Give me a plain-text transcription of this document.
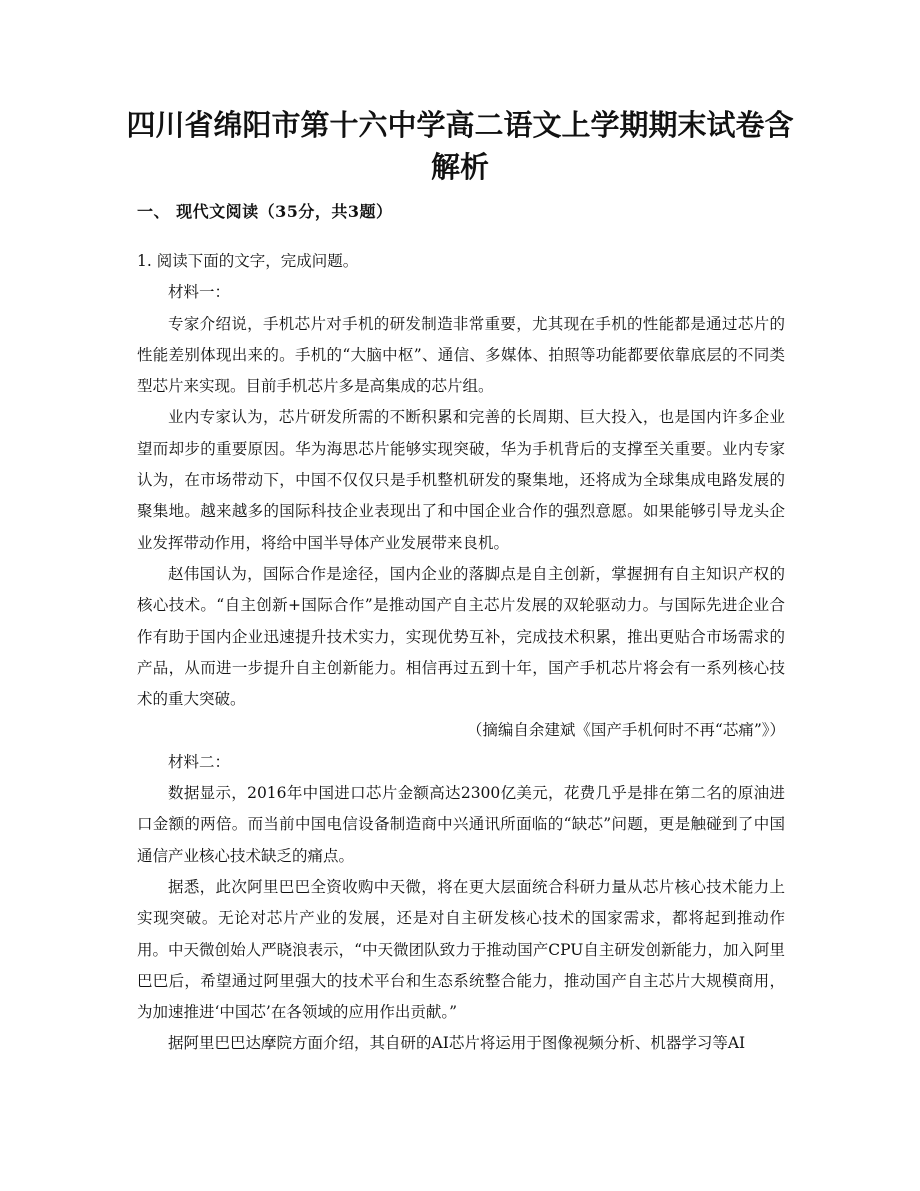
四川省绵阳市第十六中学高二语文上学期期末试卷含解析
一、 现代文阅读（35分，共3题）

1. 阅读下面的文字，完成问题。

材料一：

专家介绍说，手机芯片对手机的研发制造非常重要，尤其现在手机的性能都是通过芯片的性能差别体现出来的。手机的“大脑中枢”、通信、多媒体、拍照等功能都要依靠底层的不同类型芯片来实现。目前手机芯片多是高集成的芯片组。

业内专家认为，芯片研发所需的不断积累和完善的长周期、巨大投入，也是国内许多企业望而却步的重要原因。华为海思芯片能够实现突破，华为手机背后的支撑至关重要。业内专家认为，在市场带动下，中国不仅仅只是手机整机研发的聚集地，还将成为全球集成电路发展的聚集地。越来越多的国际科技企业表现出了和中国企业合作的强烈意愿。如果能够引导龙头企业发挥带动作用，将给中国半导体产业发展带来良机。

赵伟国认为，国际合作是途径，国内企业的落脚点是自主创新，掌握拥有自主知识产权的核心技术。“自主创新+国际合作”是推动国产自主芯片发展的双轮驱动力。与国际先进企业合作有助于国内企业迅速提升技术实力，实现优势互补，完成技术积累，推出更贴合市场需求的产品，从而进一步提升自主创新能力。相信再过五到十年，国产手机芯片将会有一系列核心技术的重大突破。

（摘编自余建斌《国产手机何时不再“芯痛”》）

材料二：

数据显示，2016年中国进口芯片金额高达2300亿美元，花费几乎是排在第二名的原油进口金额的两倍。而当前中国电信设备制造商中兴通讯所面临的“缺芯”问题，更是触碰到了中国通信产业核心技术缺乏的痛点。

据悉，此次阿里巴巴全资收购中天微，将在更大层面统合科研力量从芯片核心技术能力上实现突破。无论对芯片产业的发展，还是对自主研发核心技术的国家需求，都将起到推动作用。中天微创始人严晓浪表示，“中天微团队致力于推动国产CPU自主研发创新能力，加入阿里巴巴后，希望通过阿里强大的技术平台和生态系统整合能力，推动国产自主芯片大规模商用，为加速推进‘中国芯’在各领域的应用作出贡献。”

据阿里巴巴达摩院方面介绍，其自研的AI芯片将运用于图像视频分析、机器学习等AI
